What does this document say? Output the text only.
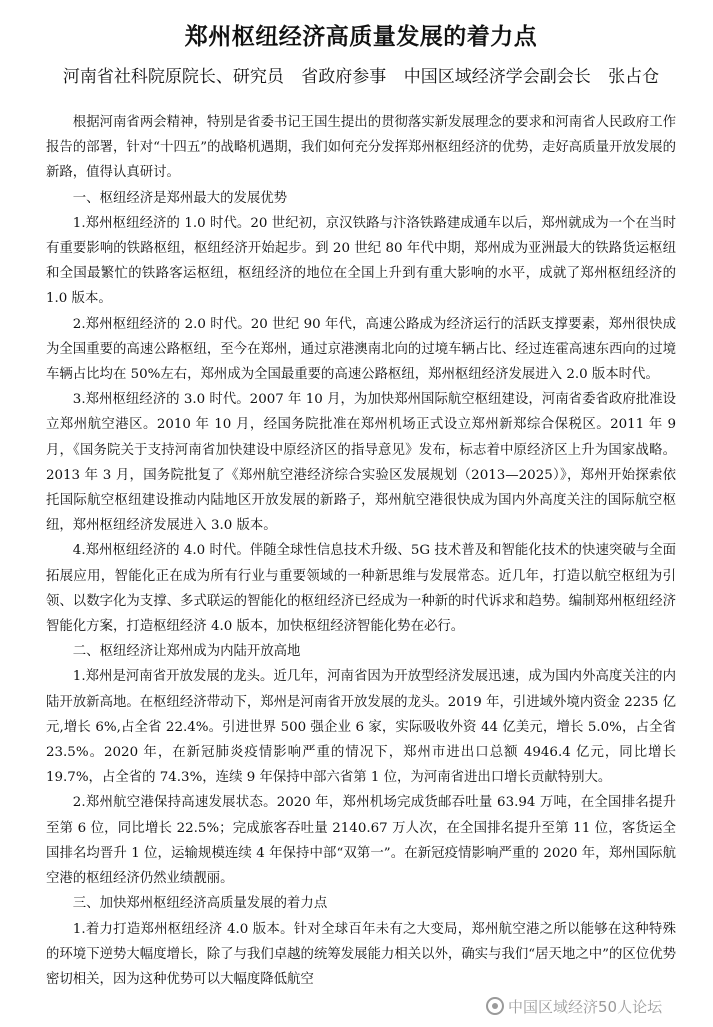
郑州枢纽经济高质量发展的着力点
河南省社科院原院长、研究员 省政府参事 中国区域经济学会副会长 张占仓

根据河南省两会精神，特别是省委书记王国生提出的贯彻落实新发展理念的要求和河南省人民政府工作报告的部署，针对“十四五”的战略机遇期，我们如何充分发挥郑州枢纽经济的优势，走好高质量开放发展的新路，值得认真研讨。

一、枢纽经济是郑州最大的发展优势

1.郑州枢纽经济的 1.0 时代。20 世纪初，京汉铁路与汴洛铁路建成通车以后，郑州就成为一个在当时有重要影响的铁路枢纽，枢纽经济开始起步。到 20 世纪 80 年代中期，郑州成为亚洲最大的铁路货运枢纽和全国最繁忙的铁路客运枢纽，枢纽经济的地位在全国上升到有重大影响的水平，成就了郑州枢纽经济的 1.0 版本。

2.郑州枢纽经济的 2.0 时代。20 世纪 90 年代，高速公路成为经济运行的活跃支撑要素，郑州很快成为全国重要的高速公路枢纽，至今在郑州，通过京港澳南北向的过境车辆占比、经过连霍高速东西向的过境车辆占比均在 50%左右，郑州成为全国最重要的高速公路枢纽，郑州枢纽经济发展进入 2.0 版本时代。

3.郑州枢纽经济的 3.0 时代。2007 年 10 月，为加快郑州国际航空枢纽建设，河南省委省政府批准设立郑州航空港区。2010 年 10 月，经国务院批准在郑州机场正式设立郑州新郑综合保税区。2011 年 9 月，《国务院关于支持河南省加快建设中原经济区的指导意见》发布，标志着中原经济区上升为国家战略。2013 年 3 月，国务院批复了《郑州航空港经济综合实验区发展规划（2013—2025）》，郑州开始探索依托国际航空枢纽建设推动内陆地区开放发展的新路子，郑州航空港很快成为国内外高度关注的国际航空枢纽，郑州枢纽经济发展进入 3.0 版本。

4.郑州枢纽经济的 4.0 时代。伴随全球性信息技术升级、5G 技术普及和智能化技术的快速突破与全面拓展应用，智能化正在成为所有行业与重要领域的一种新思维与发展常态。近几年，打造以航空枢纽为引领、以数字化为支撑、多式联运的智能化的枢纽经济已经成为一种新的时代诉求和趋势。编制郑州枢纽经济智能化方案，打造枢纽经济 4.0 版本，加快枢纽经济智能化势在必行。

二、枢纽经济让郑州成为内陆开放高地

1.郑州是河南省开放发展的龙头。近几年，河南省因为开放型经济发展迅速，成为国内外高度关注的内陆开放新高地。在枢纽经济带动下，郑州是河南省开放发展的龙头。2019 年，引进域外境内资金 2235 亿元,增长 6%,占全省 22.4%。引进世界 500 强企业 6 家，实际吸收外资 44 亿美元，增长 5.0%，占全省 23.5%。2020 年，在新冠肺炎疫情影响严重的情况下，郑州市进出口总额 4946.4 亿元，同比增长 19.7%，占全省的 74.3%，连续 9 年保持中部六省第 1 位，为河南省进出口增长贡献特别大。

2.郑州航空港保持高速发展状态。2020 年，郑州机场完成货邮吞吐量 63.94 万吨，在全国排名提升至第 6 位，同比增长 22.5%；完成旅客吞吐量 2140.67 万人次，在全国排名提升至第 11 位，客货运全国排名均晋升 1 位，运输规模连续 4 年保持中部“双第一”。在新冠疫情影响严重的 2020 年，郑州国际航空港的枢纽经济仍然业绩靓丽。

三、加快郑州枢纽经济高质量发展的着力点

1.着力打造郑州枢纽经济 4.0 版本。针对全球百年未有之大变局，郑州航空港之所以能够在这种特殊的环境下逆势大幅度增长，除了与我们卓越的统筹发展能力相关以外，确实与我们“居天地之中”的区位优势密切相关，因为这种优势可以大幅度降低航空

中国区域经济50人论坛
